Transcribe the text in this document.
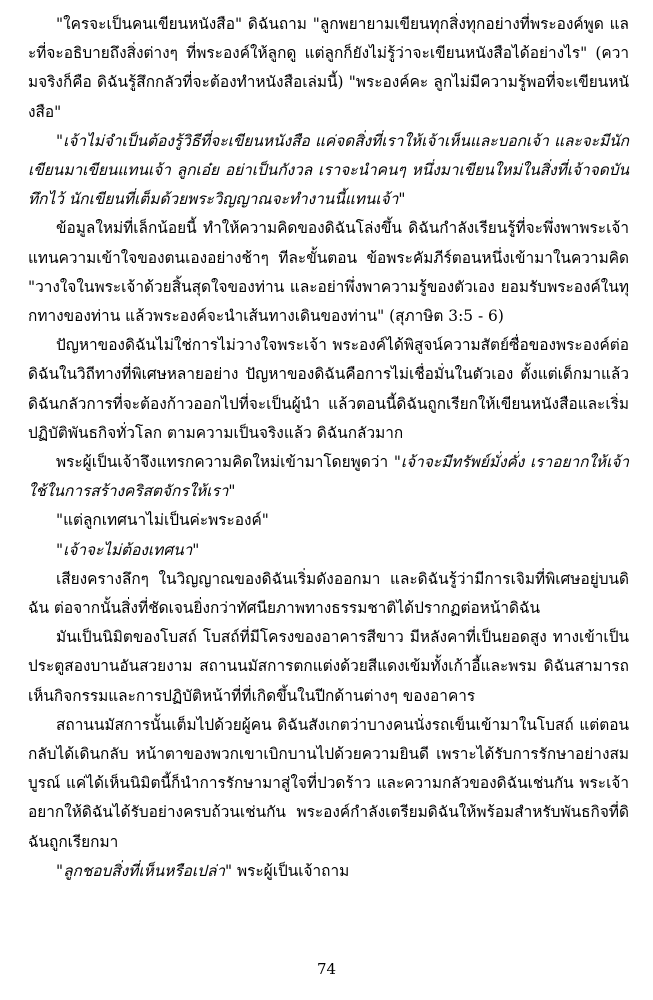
"ใครจะเป็นคนเขียนหนังสือ" ดิฉันถาม "ลูกพยายามเขียนทุกสิ่งทุกอย่างที่พระองค์พูด และที่จะอธิบายถึงสิ่งต่างๆ ที่พระองค์ให้ลูกดู แต่ลูกก็ยังไม่รู้ว่าจะเขียนหนังสือได้อย่างไร" (ความจริงก็คือ ดิฉันรู้สึกกลัวที่จะต้องทำหนังสือเล่มนี้) "พระองค์คะ ลูกไม่มีความรู้พอที่จะเขียนหนังสือ"

"เจ้าไม่จำเป็นต้องรู้วิธีที่จะเขียนหนังสือ แค่จดสิ่งที่เราให้เจ้าเห็นและบอกเจ้า และจะมีนักเขียนมาเขียนแทนเจ้า ลูกเอ๋ย อย่าเป็นกังวล เราจะนำคนๆ หนึ่งมาเขียนใหม่ในสิ่งที่เจ้าจดบันทึกไว้ นักเขียนที่เต็มด้วยพระวิญญาณจะทำงานนี้แทนเจ้า"

ข้อมูลใหม่ที่เล็กน้อยนี้ ทำให้ความคิดของดิฉันโล่งขึ้น ดิฉันกำลังเรียนรู้ที่จะพึ่งพาพระเจ้าแทนความเข้าใจของตนเองอย่างช้าๆ ทีละขั้นตอน ข้อพระคัมภีร์ตอนหนึ่งเข้ามาในความคิด "วางใจในพระเจ้าด้วยสิ้นสุดใจของท่าน และอย่าพึ่งพาความรู้ของตัวเอง ยอมรับพระองค์ในทุกทางของท่าน แล้วพระองค์จะนำเส้นทางเดินของท่าน" (สุภาษิต 3:5 - 6)

ปัญหาของดิฉันไม่ใช่การไม่วางใจพระเจ้า พระองค์ได้พิสูจน์ความสัตย์ซื่อของพระองค์ต่อดิฉันในวิถีทางที่พิเศษหลายอย่าง ปัญหาของดิฉันคือการไม่เชื่อมั่นในตัวเอง ตั้งแต่เด็กมาแล้ว ดิฉันกลัวการที่จะต้องก้าวออกไปที่จะเป็นผู้นำ แล้วตอนนี้ดิฉันถูกเรียกให้เขียนหนังสือและเริ่มปฏิบัติพันธกิจทั่วโลก ตามความเป็นจริงแล้ว ดิฉันกลัวมาก

พระผู้เป็นเจ้าจึงแทรกความคิดใหม่เข้ามาโดยพูดว่า "เจ้าจะมีทรัพย์มั่งคั่ง เราอยากให้เจ้าใช้ในการสร้างคริสตจักรให้เรา"

"แต่ลูกเทศนาไม่เป็นค่ะพระองค์"

"เจ้าจะไม่ต้องเทศนา"

เสียงครางลึกๆ ในวิญญาณของดิฉันเริ่มดังออกมา และดิฉันรู้ว่ามีการเจิมที่พิเศษอยู่บนดิฉัน ต่อจากนั้นสิ่งที่ชัดเจนยิ่งกว่าทัศนียภาพทางธรรมชาติได้ปรากฏต่อหน้าดิฉัน

มันเป็นนิมิตของโบสถ์ โบสถ์ที่มีโครงของอาคารสีขาว มีหลังคาที่เป็นยอดสูง ทางเข้าเป็นประตูสองบานอันสวยงาม สถานนมัสการตกแต่งด้วยสีแดงเข้มทั้งเก้าอี้และพรม ดิฉันสามารถเห็นกิจกรรมและการปฏิบัติหน้าที่ที่เกิดขึ้นในปีกด้านต่างๆ ของอาคาร

สถานนมัสการนั้นเต็มไปด้วยผู้คน ดิฉันสังเกตว่าบางคนนั่งรถเข็นเข้ามาในโบสถ์ แต่ตอนกลับได้เดินกลับ หน้าตาของพวกเขาเบิกบานไปด้วยความยินดี เพราะได้รับการรักษาอย่างสมบูรณ์ แค่ได้เห็นนิมิตนี้ก็นำการรักษามาสู่ใจที่ปวดร้าว และความกลัวของดิฉันเช่นกัน พระเจ้าอยากให้ดิฉันได้รับอย่างครบถ้วนเช่นกัน พระองค์กำลังเตรียมดิฉันให้พร้อมสำหรับพันธกิจที่ดิฉันถูกเรียกมา

"ลูกชอบสิ่งที่เห็นหรือเปล่า" พระผู้เป็นเจ้าถาม

74
